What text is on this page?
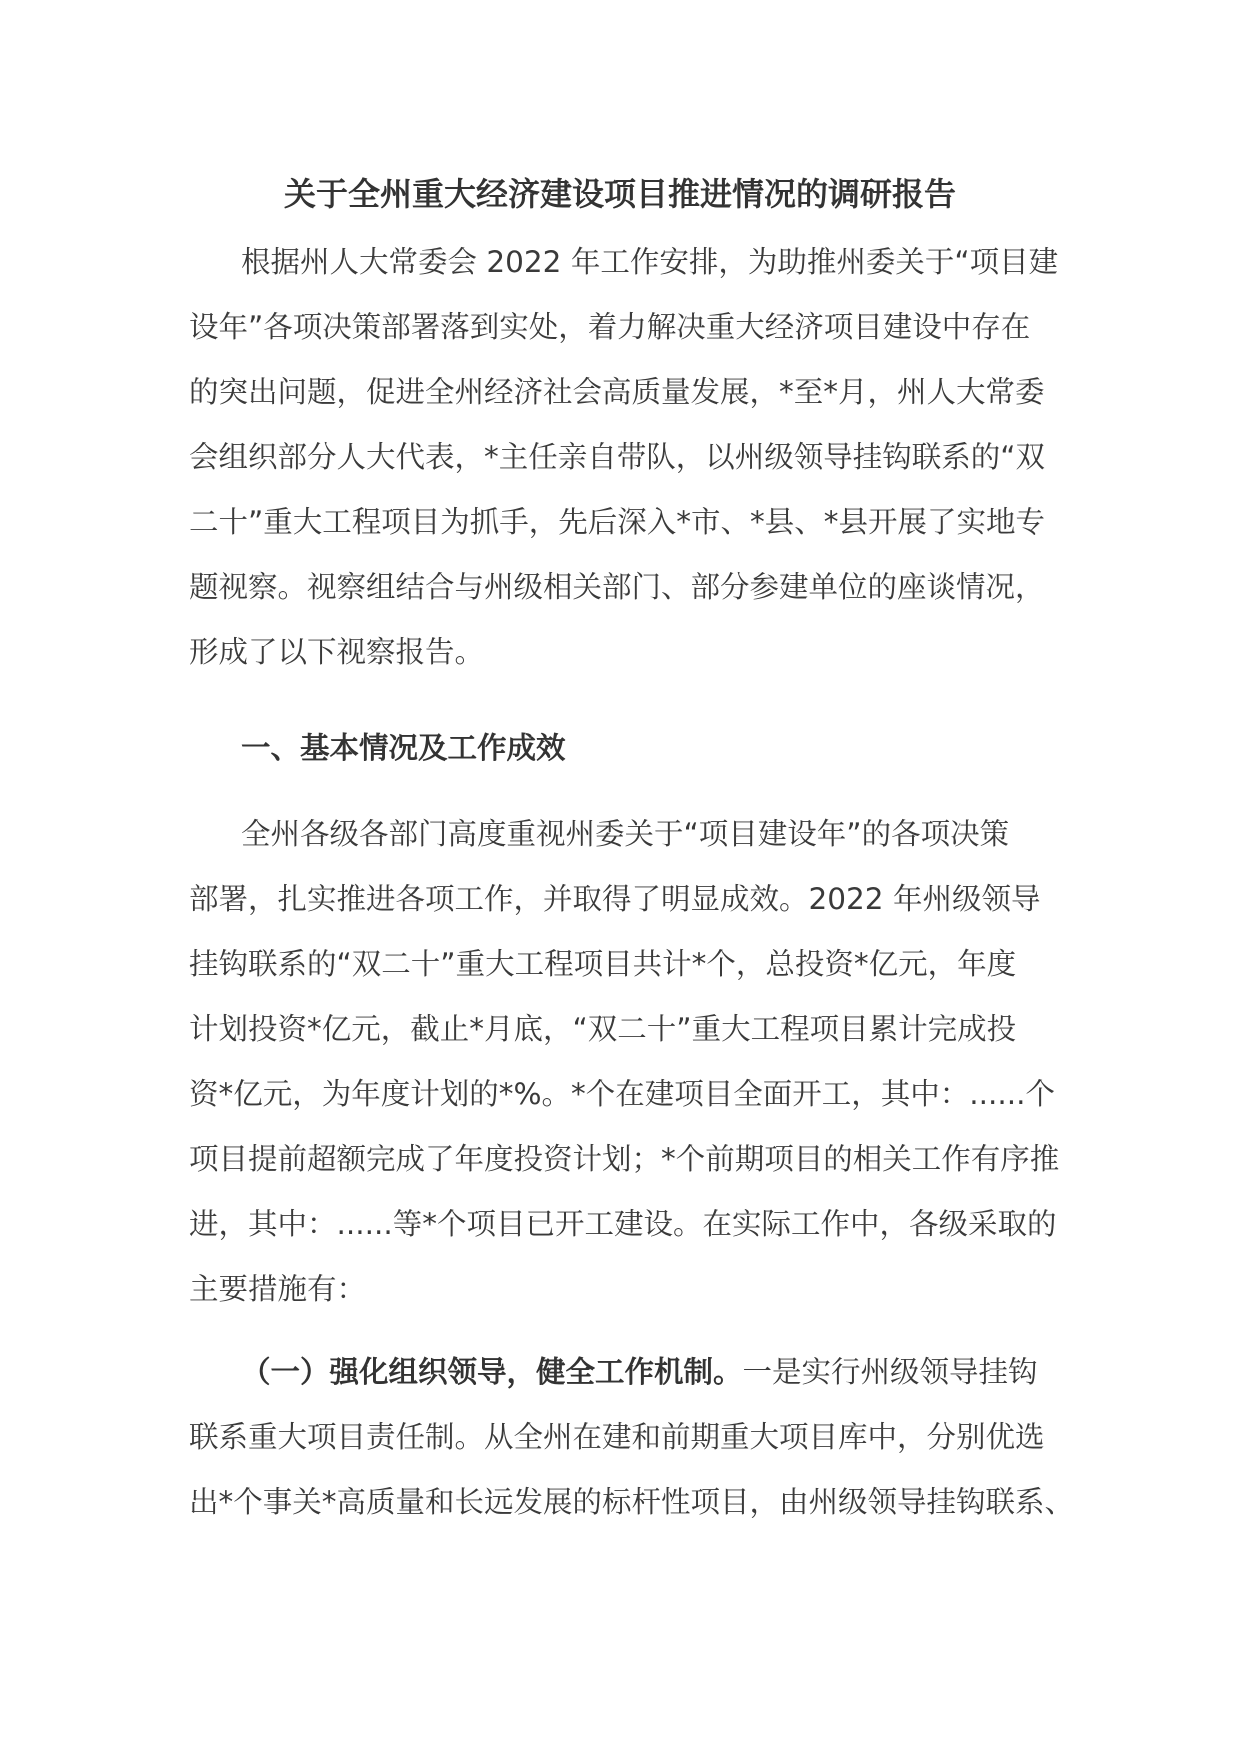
关于全州重大经济建设项目推进情况的调研报告
根据州人大常委会 2022 年工作安排，为助推州委关于“项目建
设年”各项决策部署落到实处，着力解决重大经济项目建设中存在
的突出问题，促进全州经济社会高质量发展，*至*月，州人大常委
会组织部分人大代表，*主任亲自带队，以州级领导挂钩联系的“双
二十”重大工程项目为抓手，先后深入*市、*县、*县开展了实地专
题视察。视察组结合与州级相关部门、部分参建单位的座谈情况，
形成了以下视察报告。
一、基本情况及工作成效
全州各级各部门高度重视州委关于“项目建设年”的各项决策
部署，扎实推进各项工作，并取得了明显成效。2022 年州级领导
挂钩联系的“双二十”重大工程项目共计*个，总投资*亿元，年度
计划投资*亿元，截止*月底，“双二十”重大工程项目累计完成投
资*亿元，为年度计划的*%。*个在建项目全面开工，其中：......个
项目提前超额完成了年度投资计划；*个前期项目的相关工作有序推
进，其中：......等*个项目已开工建设。在实际工作中，各级采取的
主要措施有：
（一）强化组织领导，健全工作机制。一是实行州级领导挂钩
联系重大项目责任制。从全州在建和前期重大项目库中，分别优选
出*个事关*高质量和长远发展的标杆性项目，由州级领导挂钩联系、
